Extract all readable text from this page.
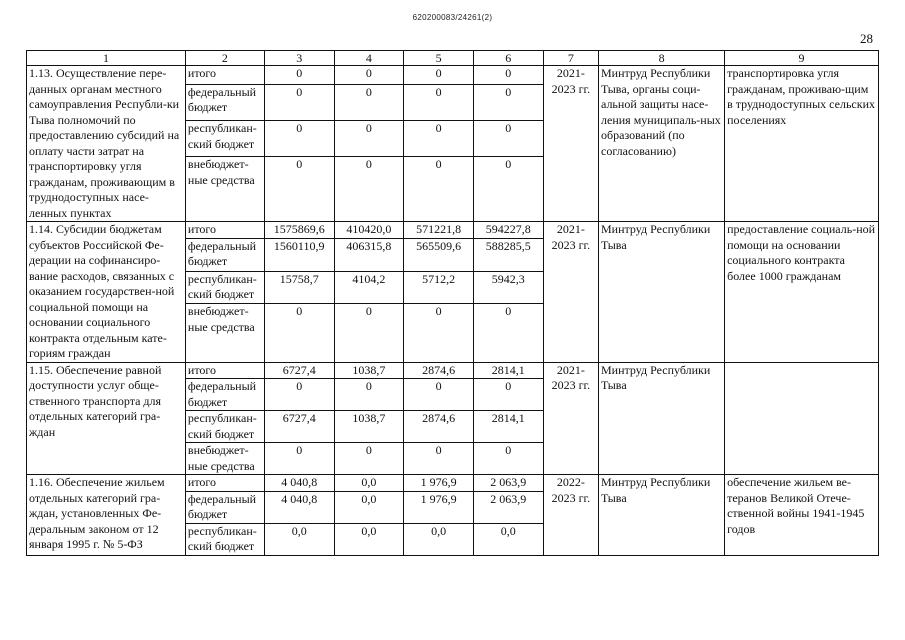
620200083/24261(2)
28
1	2	3	4	5	6	7	8	9
1.13. Осуществление пере-данных органам местного самоуправления Республи-ки Тыва полномочий по предоставлению субсидий на оплату части затрат на транспортировку угля гражданам, проживающим в труднодоступных насе-ленных пунктах	итого	0	0	0	0	2021-2023 гг.	Минтруд Республики Тыва, органы соци-альной защиты насе-ления муниципаль-ных образований (по согласованию)	транспортировка угля гражданам, проживаю-щим в труднодоступных сельских поселениях
	федеральный бюджет	0	0	0	0			
	республикан-ский бюджет	0	0	0	0			
	внебюджет-ные средства	0	0	0	0			
1.14. Субсидии бюджетам субъектов Российской Фе-дерации на софинансиро-вание расходов, связанных с оказанием государствен-ной социальной помощи на основании социального контракта отдельным кате-гориям граждан	итого	1575869,6	410420,0	571221,8	594227,8	2021-2023 гг.	Минтруд Республики Тыва	предоставление социаль-ной помощи на основании социального контракта более 1000 гражданам
	федеральный бюджет	1560110,9	406315,8	565509,6	588285,5			
	республикан-ский бюджет	15758,7	4104,2	5712,2	5942,3			
	внебюджет-ные средства	0	0	0	0			
1.15. Обеспечение равной доступности услуг обще-ственного транспорта для отдельных категорий гра-ждан	итого	6727,4	1038,7	2874,6	2814,1	2021-2023 гг.	Минтруд Республики Тыва	
	федеральный бюджет	0	0	0	0			
	республикан-ский бюджет	6727,4	1038,7	2874,6	2814,1			
	внебюджет-ные средства	0	0	0	0			
1.16. Обеспечение жильем отдельных категорий гра-ждан, установленных Фе-деральным законом от 12 января 1995 г. № 5-ФЗ	итого	4 040,8	0,0	1 976,9	2 063,9	2022-2023 гг.	Минтруд Республики Тыва	обеспечение жильем ве-теранов Великой Отече-ственной войны 1941-1945 годов
	федеральный бюджет	4 040,8	0,0	1 976,9	2 063,9			
	республикан-ский бюджет	0,0	0,0	0,0	0,0			
